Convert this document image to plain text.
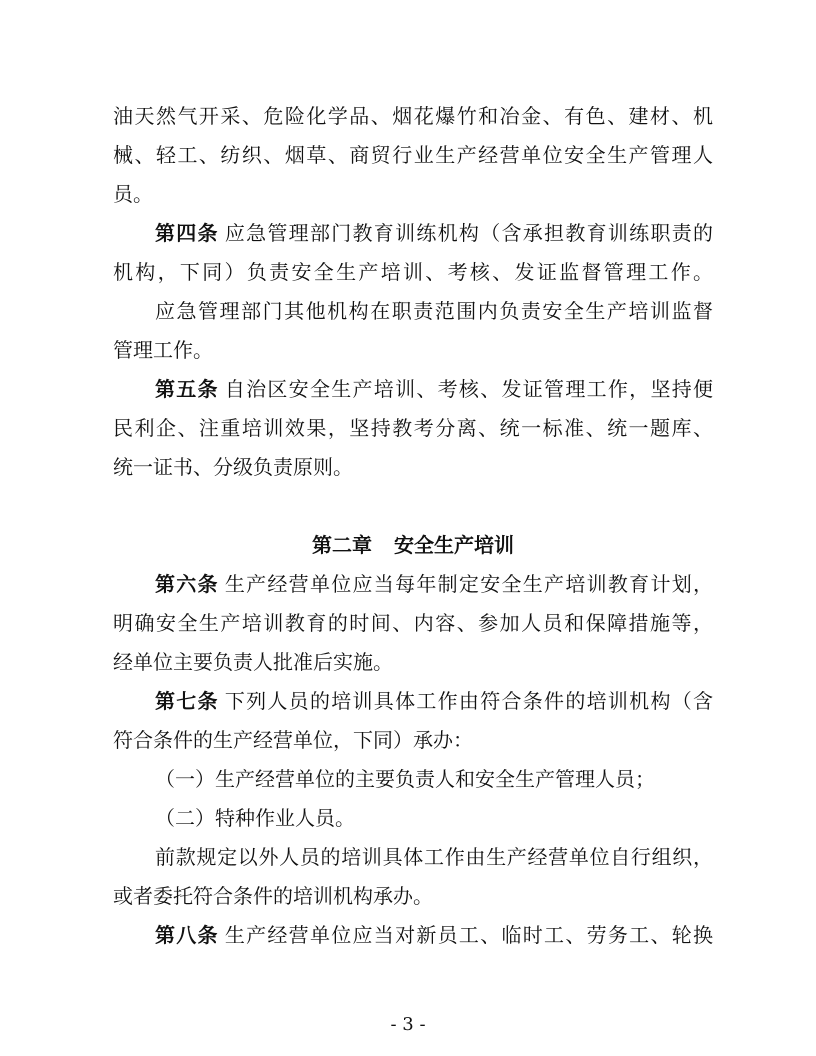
油天然气开采、危险化学品、烟花爆竹和冶金、有色、建材、机
械、轻工、纺织、烟草、商贸行业生产经营单位安全生产管理人
员。
第四条 应急管理部门教育训练机构（含承担教育训练职责的
机构，下同）负责安全生产培训、考核、发证监督管理工作。
应急管理部门其他机构在职责范围内负责安全生产培训监督
管理工作。
第五条 自治区安全生产培训、考核、发证管理工作，坚持便
民利企、注重培训效果，坚持教考分离、统一标准、统一题库、
统一证书、分级负责原则。
第二章 安全生产培训
第六条 生产经营单位应当每年制定安全生产培训教育计划，
明确安全生产培训教育的时间、内容、参加人员和保障措施等，
经单位主要负责人批准后实施。
第七条 下列人员的培训具体工作由符合条件的培训机构（含
符合条件的生产经营单位，下同）承办：
（一）生产经营单位的主要负责人和安全生产管理人员；
（二）特种作业人员。
前款规定以外人员的培训具体工作由生产经营单位自行组织，
或者委托符合条件的培训机构承办。
第八条 生产经营单位应当对新员工、临时工、劳务工、轮换
- 3 -
